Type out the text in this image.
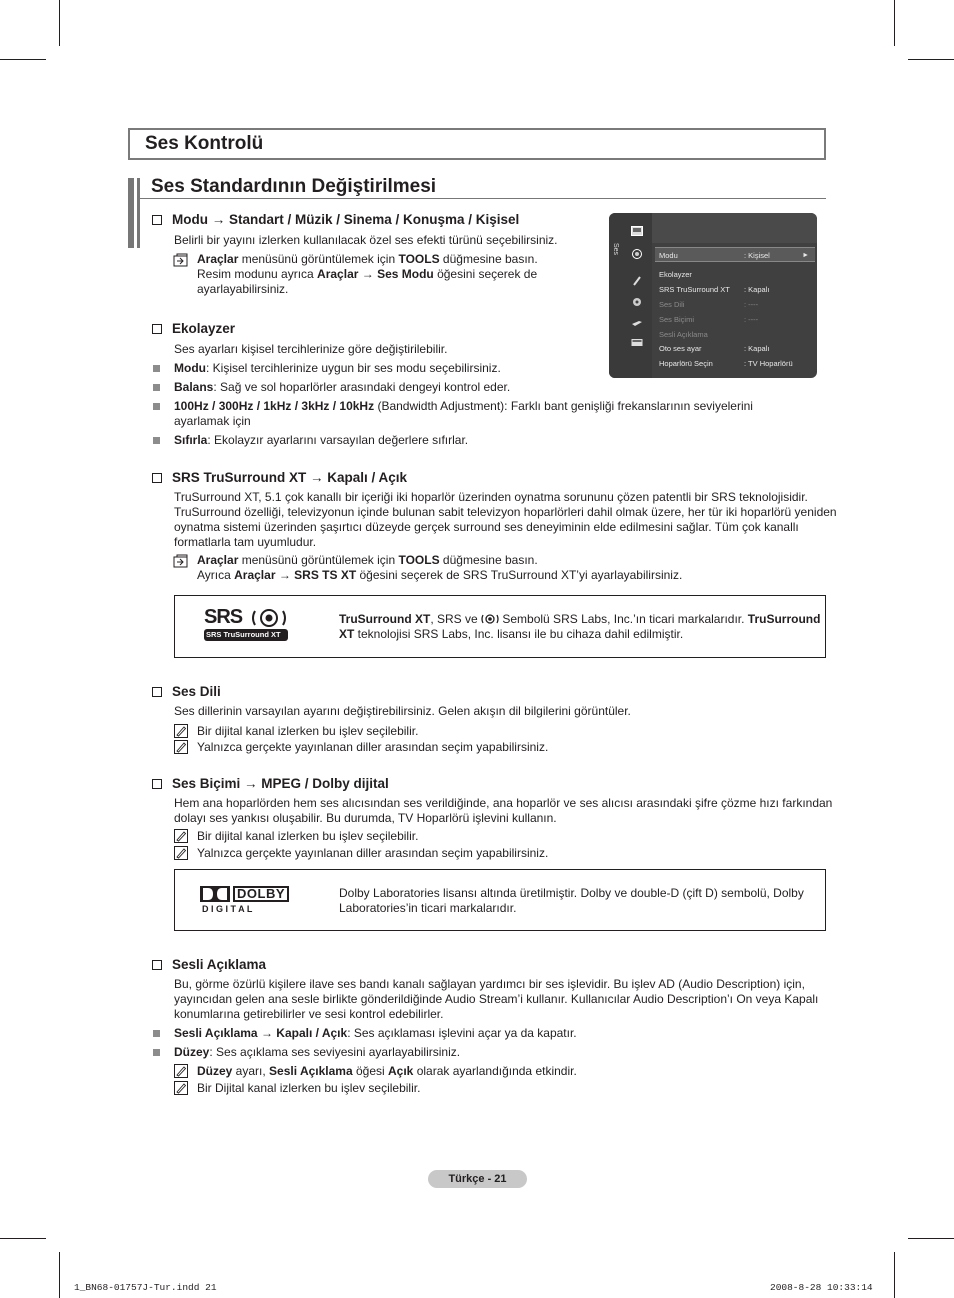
Ses Kontrolü
Ses Standardının Değiştirilmesi
Modu → Standart / Müzik / Sinema / Konuşma / Kişisel
Belirli bir yayını izlerken kullanılacak özel ses efekti türünü seçebilirsiniz.
Araçlar menüsünü görüntülemek için TOOLS düğmesine basın.
Resim modunu ayrıca Araçlar → Ses Modu öğesini seçerek de
ayarlayabilirsiniz.
Ses
Modu	: Kişisel	►
Ekolayzer
SRS TruSurround XT : Kapalı
Ses Dili	: ----
Ses Biçimi	: ----
Sesli Açıklama
Oto ses ayar	: Kapalı
Hoparlörü Seçin	: TV Hoparlörü
Ekolayzer
Ses ayarları kişisel tercihlerinize göre değiştirilebilir.
Modu: Kişisel tercihlerinize uygun bir ses modu seçebilirsiniz.
Balans: Sağ ve sol hoparlörler arasındaki dengeyi kontrol eder.
100Hz / 300Hz / 1kHz / 3kHz / 10kHz (Bandwidth Adjustment): Farklı bant genişliği frekanslarının seviyelerini
ayarlamak için
Sıfırla: Ekolayzır ayarlarını varsayılan değerlere sıfırlar.
SRS TruSurround XT → Kapalı / Açık
TruSurround XT, 5.1 çok kanallı bir içeriği iki hoparlör üzerinden oynatma sorununu çözen patentli bir SRS teknolojisidir.
TruSurround özelliği, televizyonun içinde bulunan sabit televizyon hoparlörleri dahil olmak üzere, her tür iki hoparlörü yeniden
oynatma sistemi üzerinden şaşırtıcı düzeyde gerçek surround ses deneyiminin elde edilmesini sağlar. Tüm çok kanallı
formatlarla tam uyumludur.
Araçlar menüsünü görüntülemek için TOOLS düğmesine basın.
Ayrıca Araçlar → SRS TS XT öğesini seçerek de SRS TruSurround XT’yi ayarlayabilirsiniz.
SRS
SRS TruSurround XT
TruSurround XT, SRS ve  Sembolü SRS Labs, Inc.’ın ticari markalarıdır. TruSurround
XT teknolojisi SRS Labs, Inc. lisansı ile bu cihaza dahil edilmiştir.
Ses Dili
Ses dillerinin varsayılan ayarını değiştirebilirsiniz. Gelen akışın dil bilgilerini görüntüler.
Bir dijital kanal izlerken bu işlev seçilebilir.
Yalnızca gerçekte yayınlanan diller arasından seçim yapabilirsiniz.
Ses Biçimi → MPEG / Dolby dijital
Hem ana hoparlörden hem ses alıcısından ses verildiğinde, ana hoparlör ve ses alıcısı arasındaki şifre çözme hızı farkından
dolayı ses yankısı oluşabilir. Bu durumda, TV Hoparlörü işlevini kullanın.
Bir dijital kanal izlerken bu işlev seçilebilir.
Yalnızca gerçekte yayınlanan diller arasından seçim yapabilirsiniz.
DOLBY
D I G I T A L
Dolby Laboratories lisansı altında üretilmiştir. Dolby ve double-D (çift D) sembolü, Dolby
Laboratories’in ticari markalarıdır.
Sesli Açıklama
Bu, görme özürlü kişilere ilave ses bandı kanalı sağlayan yardımcı bir ses işlevidir. Bu işlev AD (Audio Description) için,
yayıncıdan gelen ana sesle birlikte gönderildiğinde Audio Stream’i kullanır. Kullanıcılar Audio Description’ı On veya Kapalı
konumlarına getirebilirler ve sesi kontrol edebilirler.
Sesli Açıklama → Kapalı / Açık: Ses açıklaması işlevini açar ya da kapatır.
Düzey: Ses açıklama ses seviyesini ayarlayabilirsiniz.
Düzey ayarı, Sesli Açıklama öğesi Açık olarak ayarlandığında etkindir.
Bir Dijital kanal izlerken bu işlev seçilebilir.
Türkçe - 21
1_BN68-01757J-Tur.indd 21	2008-8-28 10:33:14
